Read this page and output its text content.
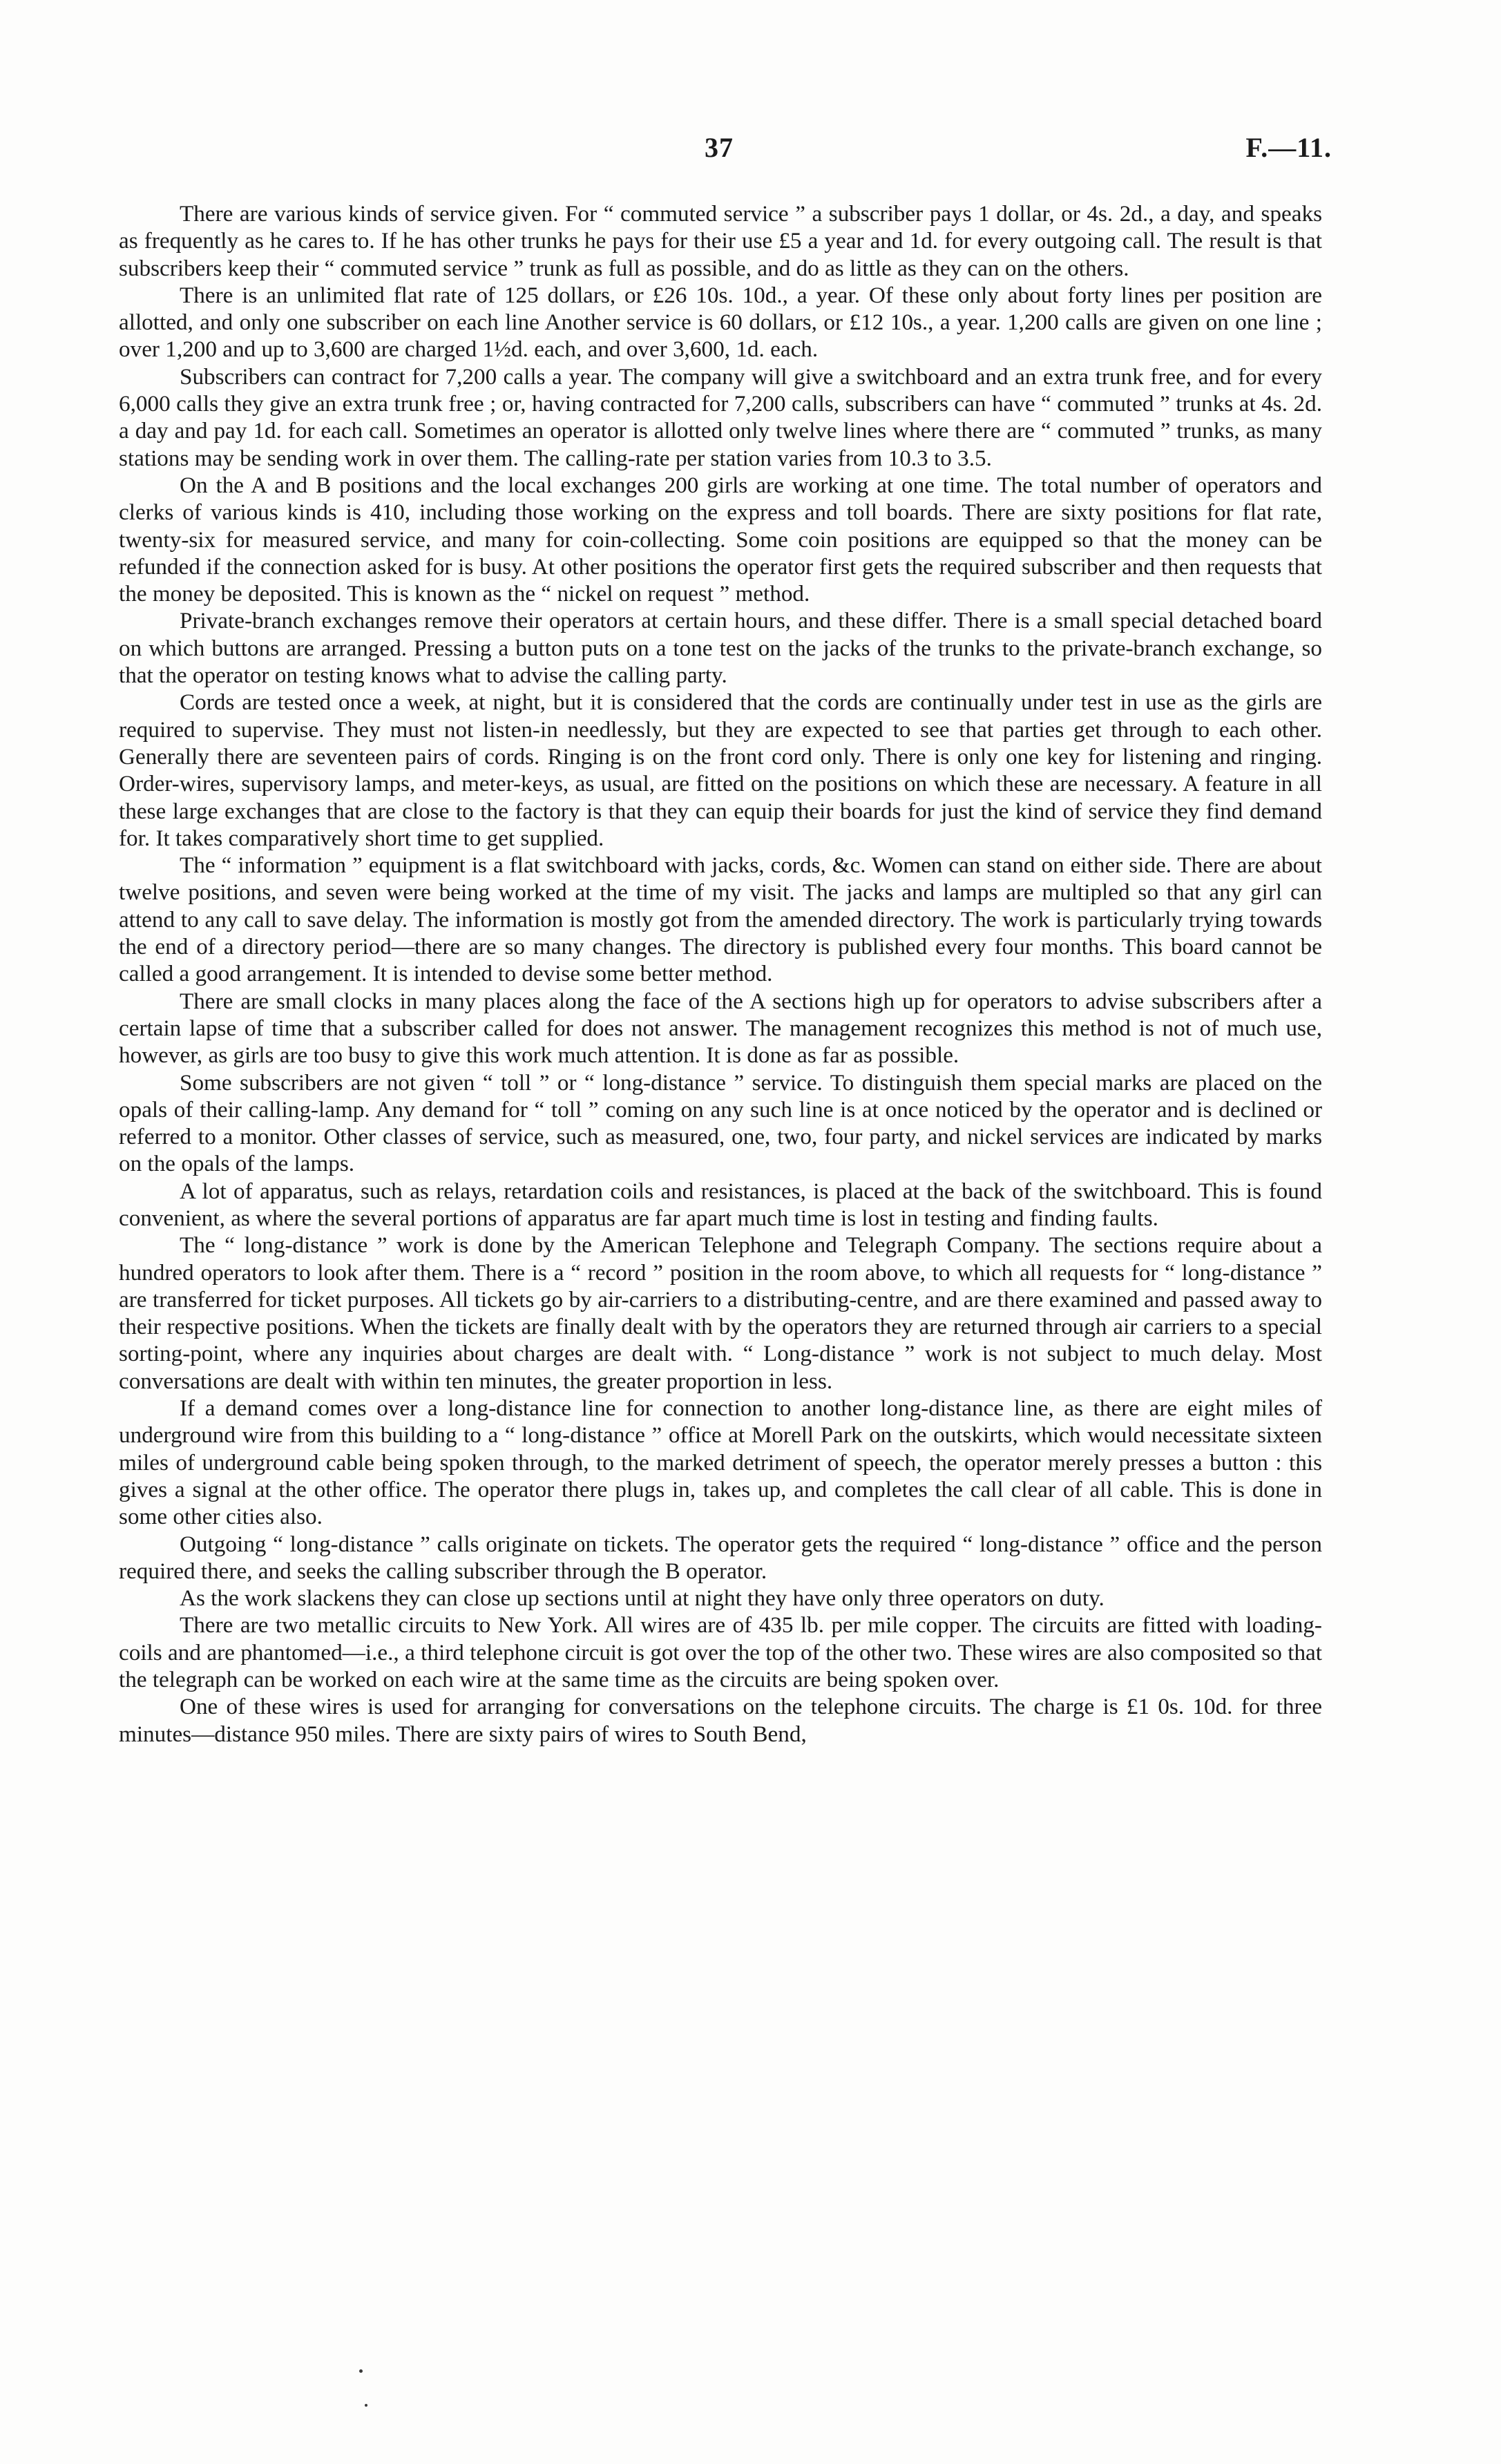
37	F.—11.

There are various kinds of service given. For “ commuted service ” a subscriber pays 1 dollar, or 4s. 2d., a day, and speaks as frequently as he cares to. If he has other trunks he pays for their use £5 a year and 1d. for every outgoing call. The result is that subscribers keep their “ commuted service ” trunk as full as possible, and do as little as they can on the others.

There is an unlimited flat rate of 125 dollars, or £26 10s. 10d., a year. Of these only about forty lines per position are allotted, and only one subscriber on each line Another service is 60 dollars, or £12 10s., a year. 1,200 calls are given on one line ; over 1,200 and up to 3,600 are charged 1½d. each, and over 3,600, 1d. each.

Subscribers can contract for 7,200 calls a year. The company will give a switchboard and an extra trunk free, and for every 6,000 calls they give an extra trunk free ; or, having contracted for 7,200 calls, subscribers can have “ commuted ” trunks at 4s. 2d. a day and pay 1d. for each call. Sometimes an operator is allotted only twelve lines where there are “ commuted ” trunks, as many stations may be sending work in over them. The calling-rate per station varies from 10.3 to 3.5.

On the A and B positions and the local exchanges 200 girls are working at one time. The total number of operators and clerks of various kinds is 410, including those working on the express and toll boards. There are sixty positions for flat rate, twenty-six for measured service, and many for coin-collecting. Some coin positions are equipped so that the money can be refunded if the connection asked for is busy. At other positions the operator first gets the required subscriber and then requests that the money be deposited. This is known as the “ nickel on request ” method.

Private-branch exchanges remove their operators at certain hours, and these differ. There is a small special detached board on which buttons are arranged. Pressing a button puts on a tone test on the jacks of the trunks to the private-branch exchange, so that the operator on testing knows what to advise the calling party.

Cords are tested once a week, at night, but it is considered that the cords are continually under test in use as the girls are required to supervise. They must not listen-in needlessly, but they are expected to see that parties get through to each other. Generally there are seventeen pairs of cords. Ringing is on the front cord only. There is only one key for listening and ringing. Order-wires, supervisory lamps, and meter-keys, as usual, are fitted on the positions on which these are necessary. A feature in all these large exchanges that are close to the factory is that they can equip their boards for just the kind of service they find demand for. It takes comparatively short time to get supplied.

The “ information ” equipment is a flat switchboard with jacks, cords, &c. Women can stand on either side. There are about twelve positions, and seven were being worked at the time of my visit. The jacks and lamps are multipled so that any girl can attend to any call to save delay. The information is mostly got from the amended directory. The work is particularly trying towards the end of a directory period—there are so many changes. The directory is published every four months. This board cannot be called a good arrangement. It is intended to devise some better method.

There are small clocks in many places along the face of the A sections high up for operators to advise subscribers after a certain lapse of time that a subscriber called for does not answer. The management recognizes this method is not of much use, however, as girls are too busy to give this work much attention. It is done as far as possible.

Some subscribers are not given “ toll ” or “ long-distance ” service. To distinguish them special marks are placed on the opals of their calling-lamp. Any demand for “ toll ” coming on any such line is at once noticed by the operator and is declined or referred to a monitor. Other classes of service, such as measured, one, two, four party, and nickel services are indicated by marks on the opals of the lamps.

A lot of apparatus, such as relays, retardation coils and resistances, is placed at the back of the switchboard. This is found convenient, as where the several portions of apparatus are far apart much time is lost in testing and finding faults.

The “ long-distance ” work is done by the American Telephone and Telegraph Company. The sections require about a hundred operators to look after them. There is a “ record ” position in the room above, to which all requests for “ long-distance ” are transferred for ticket purposes. All tickets go by air-carriers to a distributing-centre, and are there examined and passed away to their respective positions. When the tickets are finally dealt with by the operators they are returned through air carriers to a special sorting-point, where any inquiries about charges are dealt with. “ Long-distance ” work is not subject to much delay. Most conversations are dealt with within ten minutes, the greater proportion in less.

If a demand comes over a long-distance line for connection to another long-distance line, as there are eight miles of underground wire from this building to a “ long-distance ” office at Morell Park on the outskirts, which would necessitate sixteen miles of underground cable being spoken through, to the marked detriment of speech, the operator merely presses a button : this gives a signal at the other office. The operator there plugs in, takes up, and completes the call clear of all cable. This is done in some other cities also.

Outgoing “ long-distance ” calls originate on tickets. The operator gets the required “ long-distance ” office and the person required there, and seeks the calling subscriber through the B operator.

As the work slackens they can close up sections until at night they have only three operators on duty.

There are two metallic circuits to New York. All wires are of 435 lb. per mile copper. The circuits are fitted with loading-coils and are phantomed—i.e., a third telephone circuit is got over the top of the other two. These wires are also composited so that the telegraph can be worked on each wire at the same time as the circuits are being spoken over.

One of these wires is used for arranging for conversations on the telephone circuits. The charge is £1 0s. 10d. for three minutes—distance 950 miles. There are sixty pairs of wires to South Bend,
